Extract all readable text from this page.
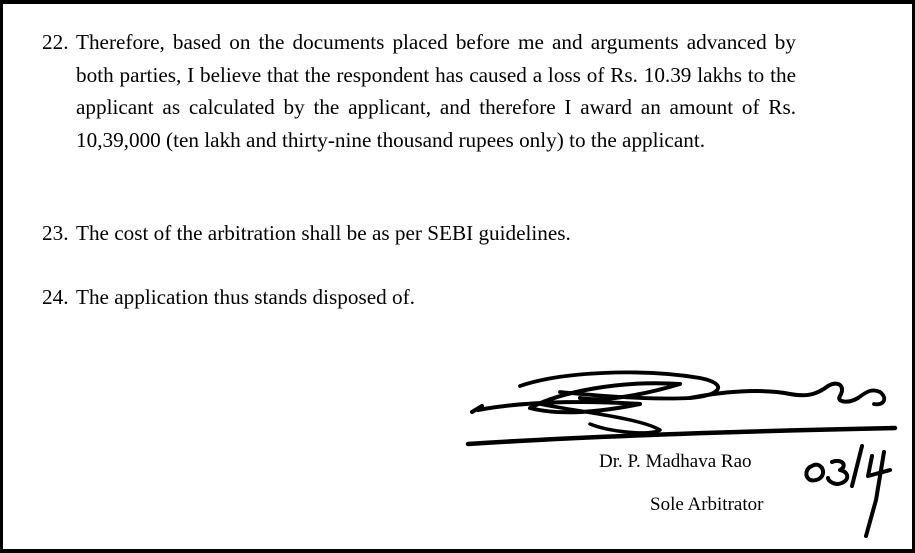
22. Therefore, based on the documents placed before me and arguments advanced by both parties, I believe that the respondent has caused a loss of Rs. 10.39 lakhs to the applicant as calculated by the applicant, and therefore I award an amount of Rs. 10,39,000 (ten lakh and thirty-nine thousand rupees only) to the applicant.
23. The cost of the arbitration shall be as per SEBI guidelines.
24. The application thus stands disposed of.
Dr. P. Madhava Rao
Sole Arbitrator
